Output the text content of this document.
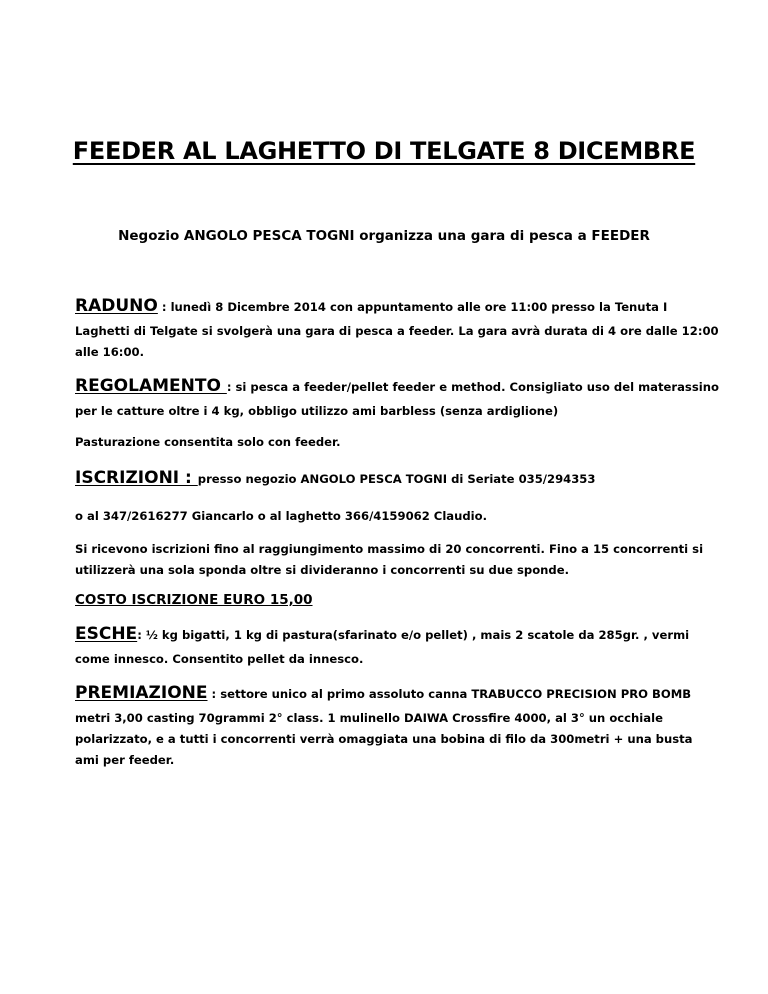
FEEDER AL LAGHETTO DI TELGATE 8 DICEMBRE
Negozio ANGOLO PESCA TOGNI organizza una gara di pesca a FEEDER
RADUNO : lunedì 8 Dicembre 2014 con appuntamento alle ore 11:00 presso la Tenuta I
Laghetti di Telgate si svolgerà una gara di pesca a feeder. La gara avrà durata di 4 ore dalle 12:00
alle 16:00.
REGOLAMENTO : si pesca a feeder/pellet feeder e method. Consigliato uso del materassino
per le catture oltre i 4 kg, obbligo utilizzo ami barbless (senza ardiglione)
Pasturazione consentita solo con feeder.
ISCRIZIONI : presso negozio ANGOLO PESCA TOGNI di Seriate 035/294353
o al 347/2616277 Giancarlo o al laghetto 366/4159062 Claudio.
Si ricevono iscrizioni fino al raggiungimento massimo di 20 concorrenti. Fino a 15 concorrenti si
utilizzerà una sola sponda oltre si divideranno i concorrenti su due sponde.
COSTO ISCRIZIONE EURO 15,00
ESCHE: ½ kg bigatti, 1 kg di pastura(sfarinato e/o pellet) , mais 2 scatole da 285gr. , vermi
come innesco. Consentito pellet da innesco.
PREMIAZIONE : settore unico al primo assoluto canna TRABUCCO PRECISION PRO BOMB
metri 3,00 casting 70grammi 2° class. 1 mulinello DAIWA Crossfire 4000, al 3° un occhiale
polarizzato, e a tutti i concorrenti verrà omaggiata una bobina di filo da 300metri + una busta
ami per feeder.
